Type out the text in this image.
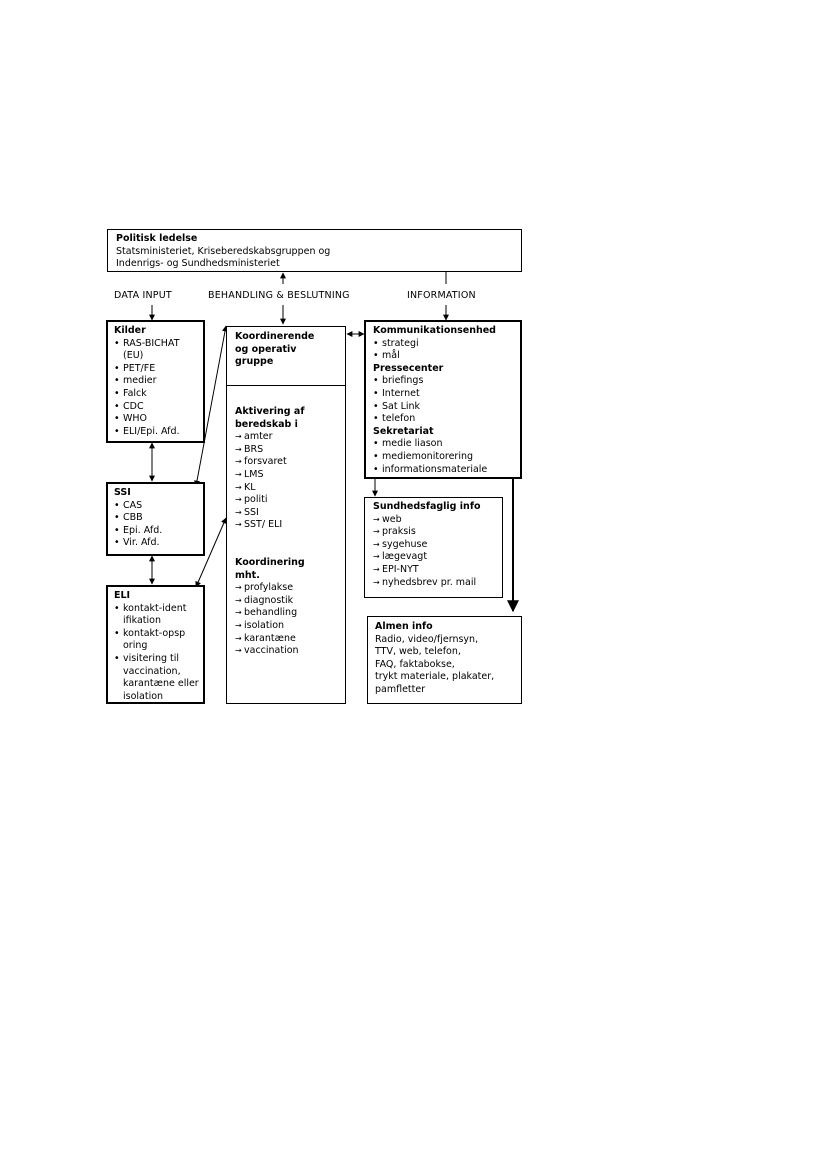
Politisk ledelse
Statsministeriet, Kriseberedskabsgruppen og
Indenrigs- og Sundhedsministeriet
DATA INPUT	BEHANDLING & BESLUTNING	INFORMATION
Kilder
• RAS-BICHAT (EU)
• PET/FE
• medier
• Falck
• CDC
• WHO
• ELI/Epi. Afd.
SSI
• CAS
• CBB
• Epi. Afd.
• Vir. Afd.
ELI
• kontakt-identifikation
• kontakt-opsporing
• visitering til vaccination, karantæne eller isolation
Koordinerende og operativ gruppe
Aktivering af beredskab i
→ amter
→ BRS
→ forsvaret
→ LMS
→ KL
→ politi
→ SSI
→ SST/ ELI
Koordinering mht.
→ profylakse
→ diagnostik
→ behandling
→ isolation
→ karantæne
→ vaccination
Kommunikationsenhed
• strategi
• mål
Pressecenter
• briefings
• Internet
• Sat Link
• telefon
Sekretariat
• medie liason
• mediemonitorering
• informationsmateriale
Sundhedsfaglig info
→ web
→ praksis
→ sygehuse
→ lægevagt
→ EPI-NYT
→ nyhedsbrev pr. mail
Almen info
Radio, video/fjernsyn,
TTV, web, telefon,
FAQ, faktabokse,
trykt materiale, plakater,
pamfletter
